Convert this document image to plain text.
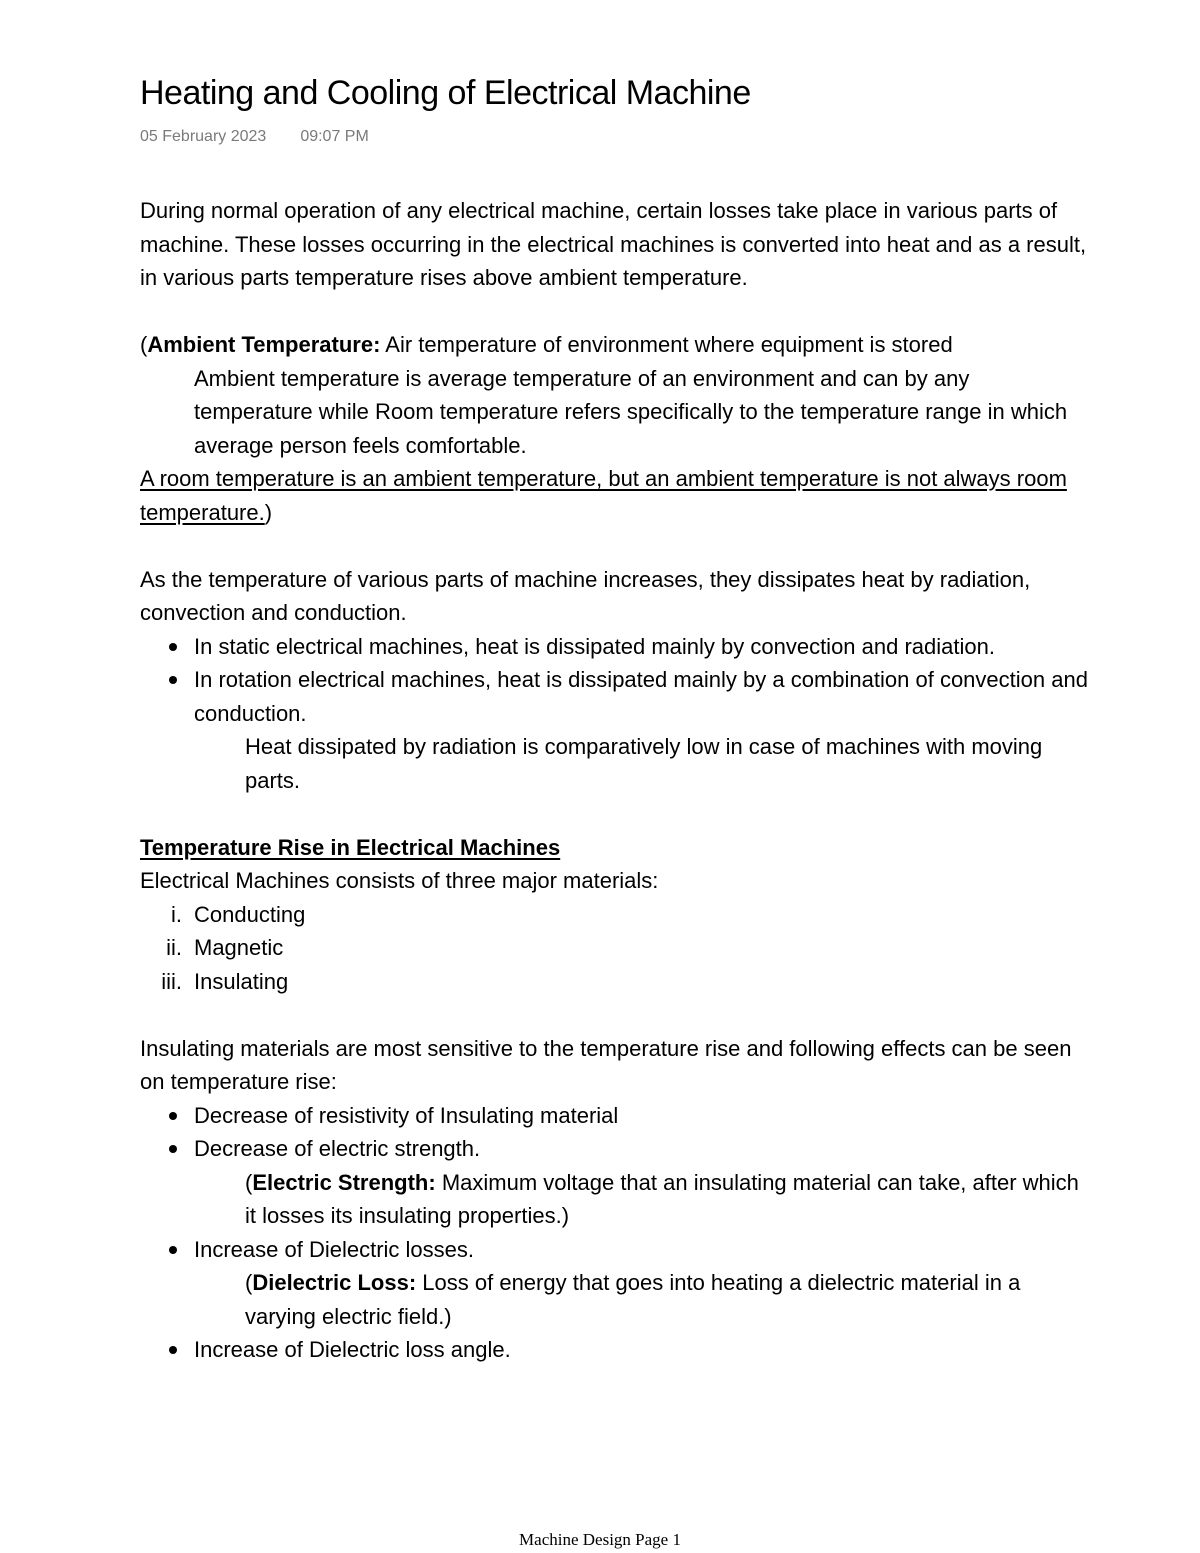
Heating and Cooling of Electrical Machine
05 February 2023 09:07 PM

During normal operation of any electrical machine, certain losses take place in various parts of machine. These losses occurring in the electrical machines is converted into heat and as a result, in various parts temperature rises above ambient temperature.

(Ambient Temperature: Air temperature of environment where equipment is stored

Ambient temperature is average temperature of an environment and can by any temperature while Room temperature refers specifically to the temperature range in which average person feels comfortable.

A room temperature is an ambient temperature, but an ambient temperature is not always room temperature.)

As the temperature of various parts of machine increases, they dissipates heat by radiation, convection and conduction.

In static electrical machines, heat is dissipated mainly by convection and radiation.

In rotation electrical machines, heat is dissipated mainly by a combination of convection and conduction.

Heat dissipated by radiation is comparatively low in case of machines with moving parts.

Temperature Rise in Electrical Machines

Electrical Machines consists of three major materials:

i. Conducting

ii. Magnetic

iii. Insulating

Insulating materials are most sensitive to the temperature rise and following effects can be seen on temperature rise:

Decrease of resistivity of Insulating material

Decrease of electric strength.

(Electric Strength: Maximum voltage that an insulating material can take, after which it losses its insulating properties.)

Increase of Dielectric losses.

(Dielectric Loss: Loss of energy that goes into heating a dielectric material in a varying electric field.)

Increase of Dielectric loss angle.

Machine Design Page 1
